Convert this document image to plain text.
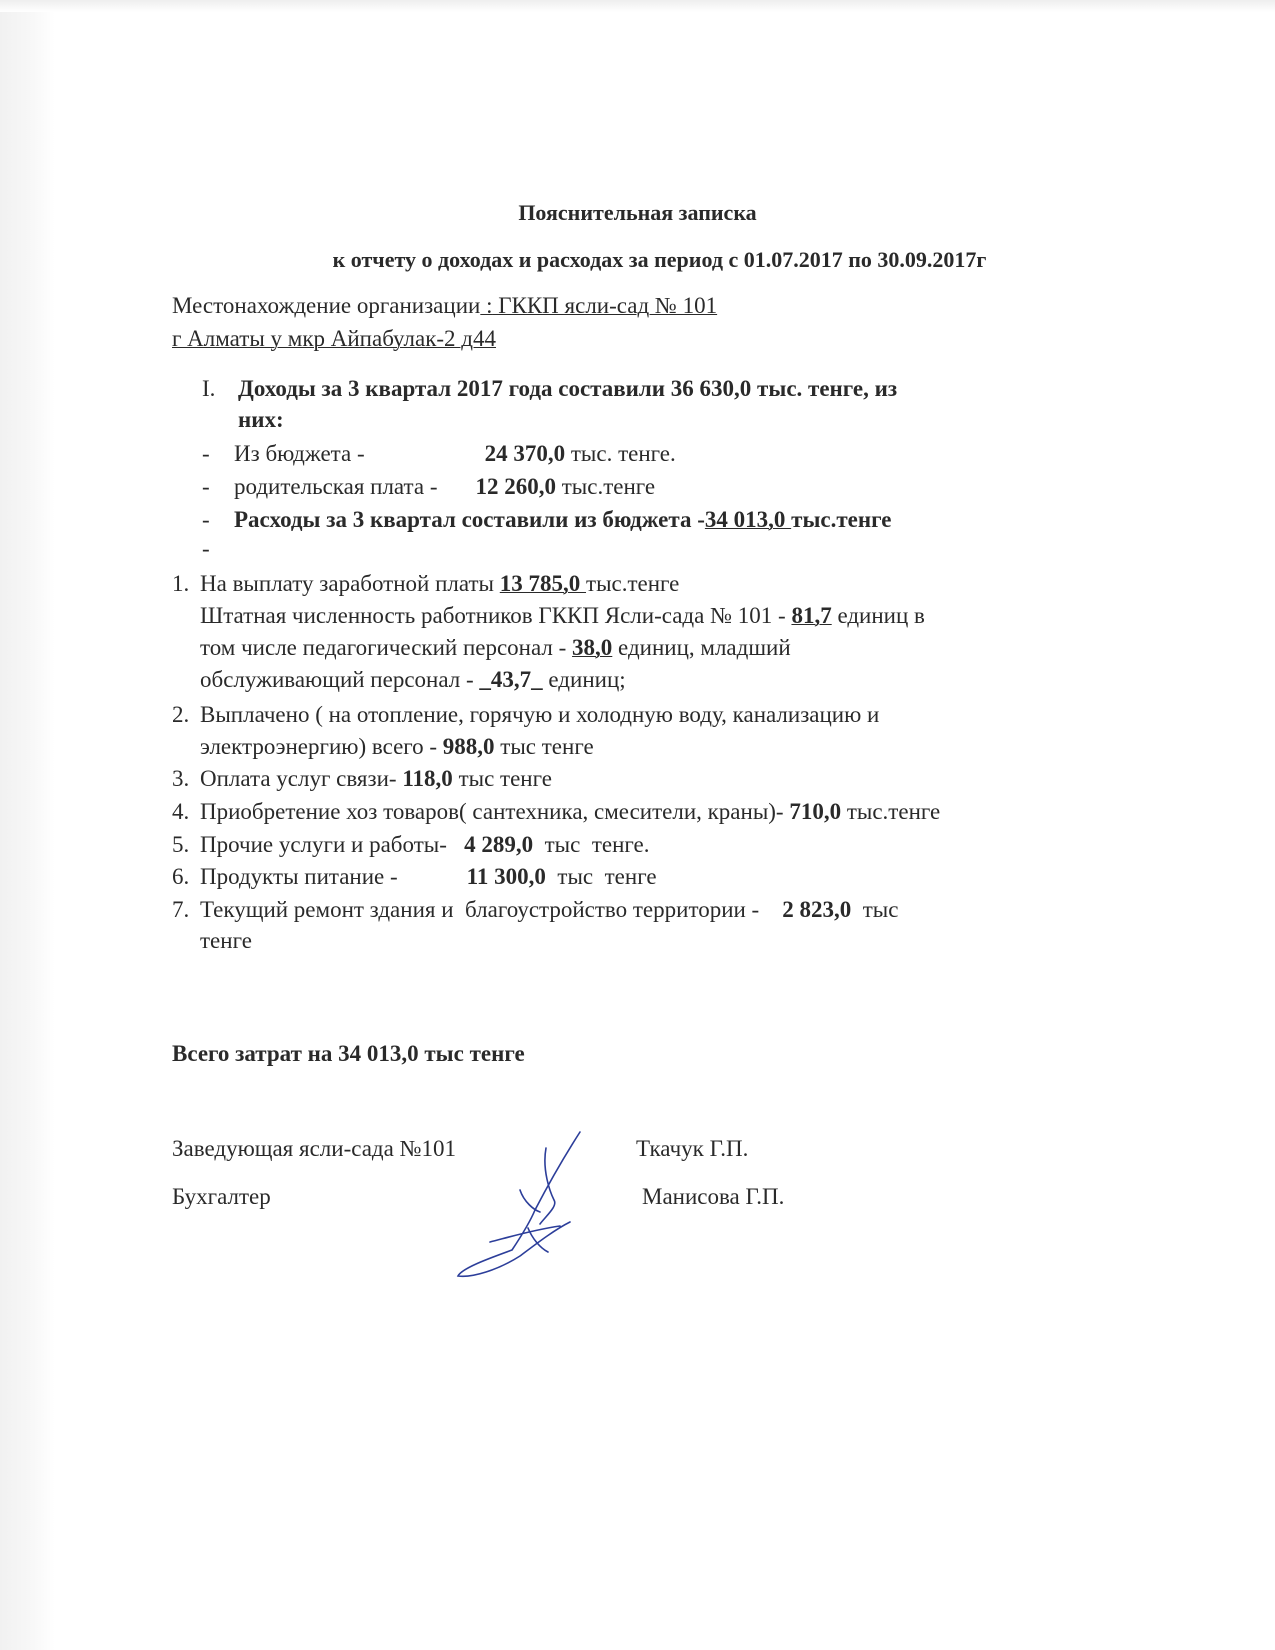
Пояснительная записка
к отчету о доходах и расходах за период с 01.07.2017 по 30.09.2017г
Местонахождение организации : ГККП ясли-сад № 101
г Алматы у мкр Айпабулак-2 д44
I. Доходы за 3 квартал 2017 года составили 36 630,0 тыс. тенге, из
них:
- Из бюджета -	24 370,0 тыс. тенге.
- родительская плата - 12 260,0 тыс.тенге
- Расходы за 3 квартал составили из бюджета -34 013,0 тыс.тенге
-
1. На выплату заработной платы 13 785,0 тыс.тенге
Штатная численность работников ГККП Ясли-сада № 101 - 81,7 единиц в
том числе педагогический персонал - 38,0 единиц, младший
обслуживающий персонал - _43,7_ единиц;
2. Выплачено ( на отопление, горячую и холодную воду, канализацию и
электроэнергию) всего - 988,0 тыс тенге
3. Оплата услуг связи- 118,0 тыс тенге
4. Приобретение хоз товаров( сантехника, смесители, краны)- 710,0 тыс.тенге
5. Прочие услуги и работы-   4 289,0  тыс  тенге.
6. Продукты питание -            11 300,0  тыс  тенге
7. Текущий ремонт здания и  благоустройство территории -    2 823,0  тыс
тенге
Всего затрат на 34 013,0 тыс тенге
Заведующая ясли-сада №101	Ткачук Г.П.
Бухгалтер	Манисова Г.П.
